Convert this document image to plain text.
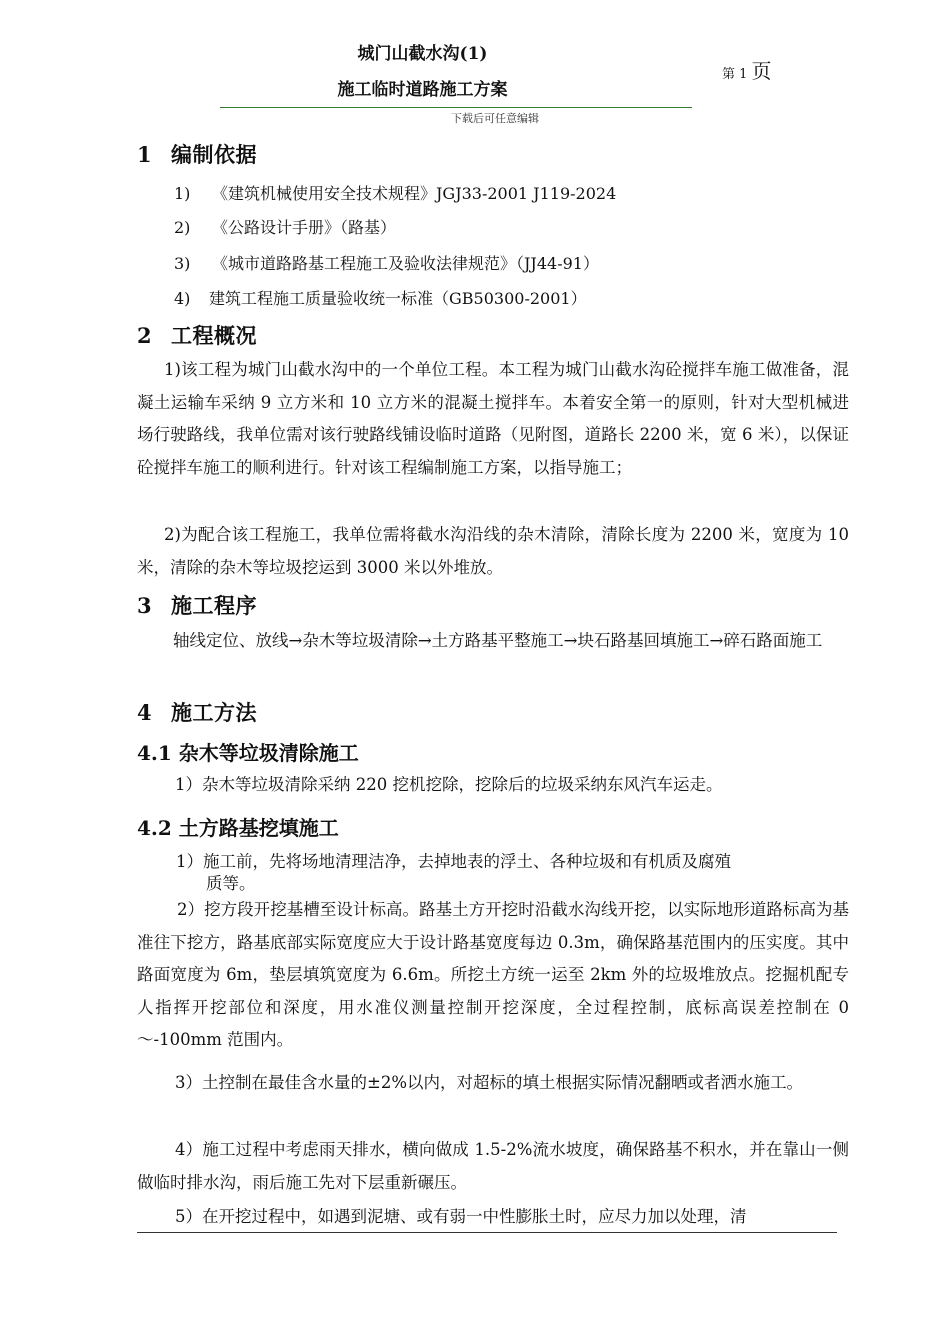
城门山截水沟(1)
施工临时道路施工方案
第 1 页
下载后可任意编辑
1 编制依据
1) 《建筑机械使用安全技术规程》JGJ33-2001 J119-2024
2) 《公路设计手册》（路基）
3) 《城市道路路基工程施工及验收法律规范》（JJ44-91）
4) 建筑工程施工质量验收统一标准（GB50300-2001）
2 工程概况
1)该工程为城门山截水沟中的一个单位工程。本工程为城门山截水沟砼搅拌车施工做准备，混凝土运输车采纳 9 立方米和 10 立方米的混凝土搅拌车。本着安全第一的原则，针对大型机械进场行驶路线，我单位需对该行驶路线铺设临时道路（见附图，道路长 2200 米，宽 6 米），以保证砼搅拌车施工的顺利进行。针对该工程编制施工方案，以指导施工；
2)为配合该工程施工，我单位需将截水沟沿线的杂木清除，清除长度为 2200 米，宽度为 10 米，清除的杂木等垃圾挖运到 3000 米以外堆放。
3 施工程序
轴线定位、放线→杂木等垃圾清除→土方路基平整施工→块石路基回填施工→碎石路面施工
4 施工方法
4.1 杂木等垃圾清除施工
1）杂木等垃圾清除采纳 220 挖机挖除，挖除后的垃圾采纳东风汽车运走。
4.2 土方路基挖填施工
1）施工前，先将场地清理洁净，去掉地表的浮土、各种垃圾和有机质及腐殖
质等。
2）挖方段开挖基槽至设计标高。路基土方开挖时沿截水沟线开挖，以实际地形道路标高为基准往下挖方，路基底部实际宽度应大于设计路基宽度每边 0.3m，确保路基范围内的压实度。其中路面宽度为 6m，垫层填筑宽度为 6.6m。所挖土方统一运至 2km 外的垃圾堆放点。挖掘机配专人指挥开挖部位和深度，用水准仪测量控制开挖深度，全过程控制，底标高误差控制在 0～-100mm 范围内。
3）土控制在最佳含水量的±2%以内，对超标的填土根据实际情况翻晒或者洒水施工。
4）施工过程中考虑雨天排水，横向做成 1.5-2%流水坡度，确保路基不积水，并在靠山一侧做临时排水沟，雨后施工先对下层重新碾压。
5）在开挖过程中，如遇到泥塘、或有弱一中性膨胀土时，应尽力加以处理，清
